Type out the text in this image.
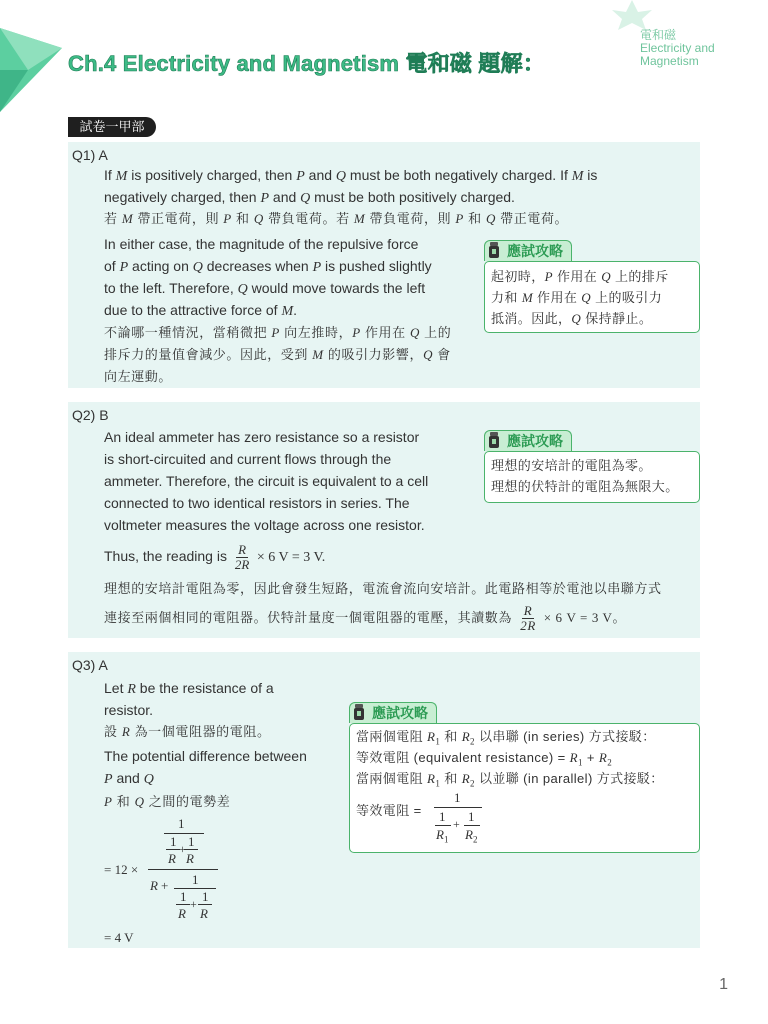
Ch.4 Electricity and Magnetism 電和磁 題解：
電和磁
Electricity and
Magnetism
試卷一甲部
Q1) A
If M is positively charged, then P and Q must be both negatively charged. If M is
negatively charged, then P and Q must be both positively charged.
若 M 帶正電荷，則 P 和 Q 帶負電荷。若 M 帶負電荷，則 P 和 Q 帶正電荷。
In either case, the magnitude of the repulsive force
of P acting on Q decreases when P is pushed slightly
to the left. Therefore, Q would move towards the left
due to the attractive force of M.
不論哪一種情況，當稍微把 P 向左推時，P 作用在 Q 上的
排斥力的量值會減少。因此，受到 M 的吸引力影響，Q 會
向左運動。
應試攻略
起初時，P 作用在 Q 上的排斥
力和 M 作用在 Q 上的吸引力
抵消。因此，Q 保持靜止。
Q2) B
An ideal ammeter has zero resistance so a resistor
is short-circuited and current flows through the
ammeter. Therefore, the circuit is equivalent to a cell
connected to two identical resistors in series. The
voltmeter measures the voltage across one resistor.
Thus, the reading is $\frac{R}{2R} \times 6$ V = 3 V.
理想的安培計電阻為零，因此會發生短路，電流會流向安培計。此電路相等於電池以串聯方式
連接至兩個相同的電阻器。伏特計量度一個電阻器的電壓，其讀數為 $\frac{R}{2R} \times 6$ V = 3 V。
應試攻略
理想的安培計的電阻為零。
理想的伏特計的電阻為無限大。
Q3) A
Let R be the resistance of a
resistor.
設 R 為一個電阻器的電阻。
The potential difference between
P and Q
P 和 Q 之間的電勢差
= 12 ×
1
1 1
+
R R
R + 1
1 1
+
R R
= 4 V
應試攻略
當兩個電阻 $R_1$ 和 $R_2$ 以串聯 (in series) 方式接駁：
等效電阻 (equivalent resistance) = $R_1 + R_2$
當兩個電阻 $R_1$ 和 $R_2$ 以並聯 (in parallel) 方式接駁：
等效電阻 =
1
1 1
+
$R_1$ $R_2$
1
